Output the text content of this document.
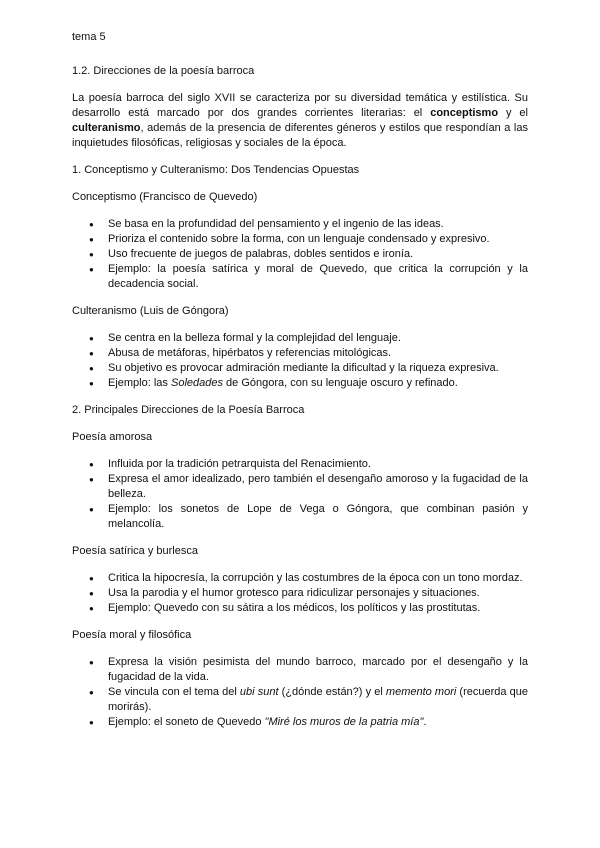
tema 5
1.2. Direcciones de la poesía barroca

La poesía barroca del siglo XVII se caracteriza por su diversidad temática y estilística. Su desarrollo está marcado por dos grandes corrientes literarias: el conceptismo y el culteranismo, además de la presencia de diferentes géneros y estilos que respondían a las inquietudes filosóficas, religiosas y sociales de la época.

1. Conceptismo y Culteranismo: Dos Tendencias Opuestas
Conceptismo (Francisco de Quevedo)
● Se basa en la profundidad del pensamiento y el ingenio de las ideas.
● Prioriza el contenido sobre la forma, con un lenguaje condensado y expresivo.
● Uso frecuente de juegos de palabras, dobles sentidos e ironía.
● Ejemplo: la poesía satírica y moral de Quevedo, que critica la corrupción y la decadencia social.
Culteranismo (Luis de Góngora)
● Se centra en la belleza formal y la complejidad del lenguaje.
● Abusa de metáforas, hipérbatos y referencias mitológicas.
● Su objetivo es provocar admiración mediante la dificultad y la riqueza expresiva.
● Ejemplo: las Soledades de Góngora, con su lenguaje oscuro y refinado.
2. Principales Direcciones de la Poesía Barroca
Poesía amorosa
● Influida por la tradición petrarquista del Renacimiento.
● Expresa el amor idealizado, pero también el desengaño amoroso y la fugacidad de la belleza.
● Ejemplo: los sonetos de Lope de Vega o Góngora, que combinan pasión y melancolía.
Poesía satírica y burlesca
● Critica la hipocresía, la corrupción y las costumbres de la época con un tono mordaz.
● Usa la parodia y el humor grotesco para ridiculizar personajes y situaciones.
● Ejemplo: Quevedo con su sátira a los médicos, los políticos y las prostitutas.
Poesía moral y filosófica
● Expresa la visión pesimista del mundo barroco, marcado por el desengaño y la fugacidad de la vida.
● Se vincula con el tema del ubi sunt (¿dónde están?) y el memento mori (recuerda que morirás).
● Ejemplo: el soneto de Quevedo "Miré los muros de la patria mía".
